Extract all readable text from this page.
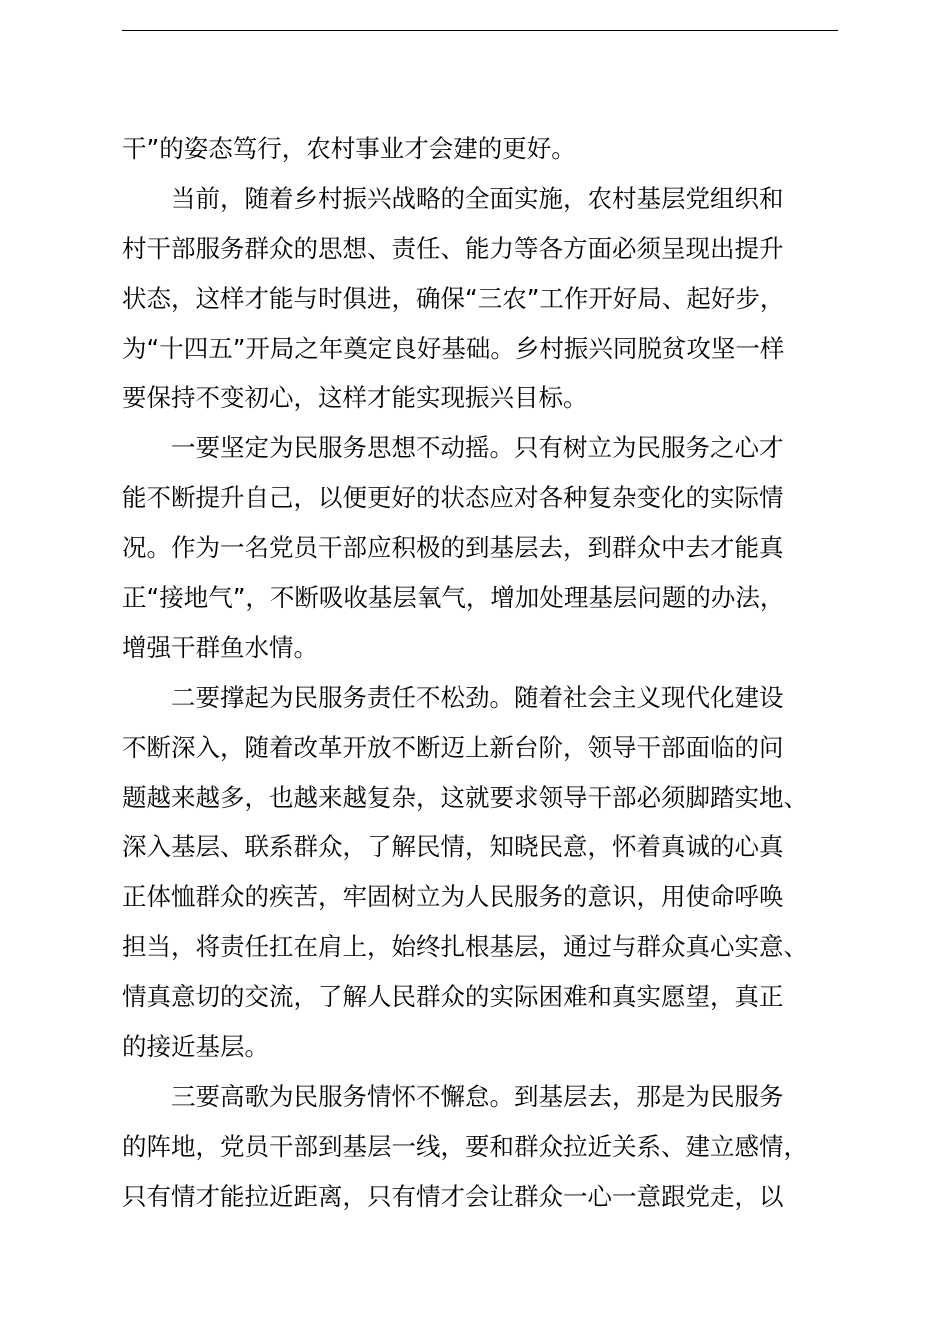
干”的姿态笃行，农村事业才会建的更好。
　　当前，随着乡村振兴战略的全面实施，农村基层党组织和
村干部服务群众的思想、责任、能力等各方面必须呈现出提升
状态，这样才能与时俱进，确保“三农”工作开好局、起好步，
为“十四五”开局之年奠定良好基础。乡村振兴同脱贫攻坚一样
要保持不变初心，这样才能实现振兴目标。
　　一要坚定为民服务思想不动摇。只有树立为民服务之心才
能不断提升自己，以便更好的状态应对各种复杂变化的实际情
况。作为一名党员干部应积极的到基层去，到群众中去才能真
正“接地气”，不断吸收基层氧气，增加处理基层问题的办法，
增强干群鱼水情。
　　二要撑起为民服务责任不松劲。随着社会主义现代化建设
不断深入，随着改革开放不断迈上新台阶，领导干部面临的问
题越来越多，也越来越复杂，这就要求领导干部必须脚踏实地、
深入基层、联系群众，了解民情，知晓民意，怀着真诚的心真
正体恤群众的疾苦，牢固树立为人民服务的意识，用使命呼唤
担当，将责任扛在肩上，始终扎根基层，通过与群众真心实意、
情真意切的交流，了解人民群众的实际困难和真实愿望，真正
的接近基层。
　　三要高歌为民服务情怀不懈怠。到基层去，那是为民服务
的阵地，党员干部到基层一线，要和群众拉近关系、建立感情，
只有情才能拉近距离，只有情才会让群众一心一意跟党走，以
